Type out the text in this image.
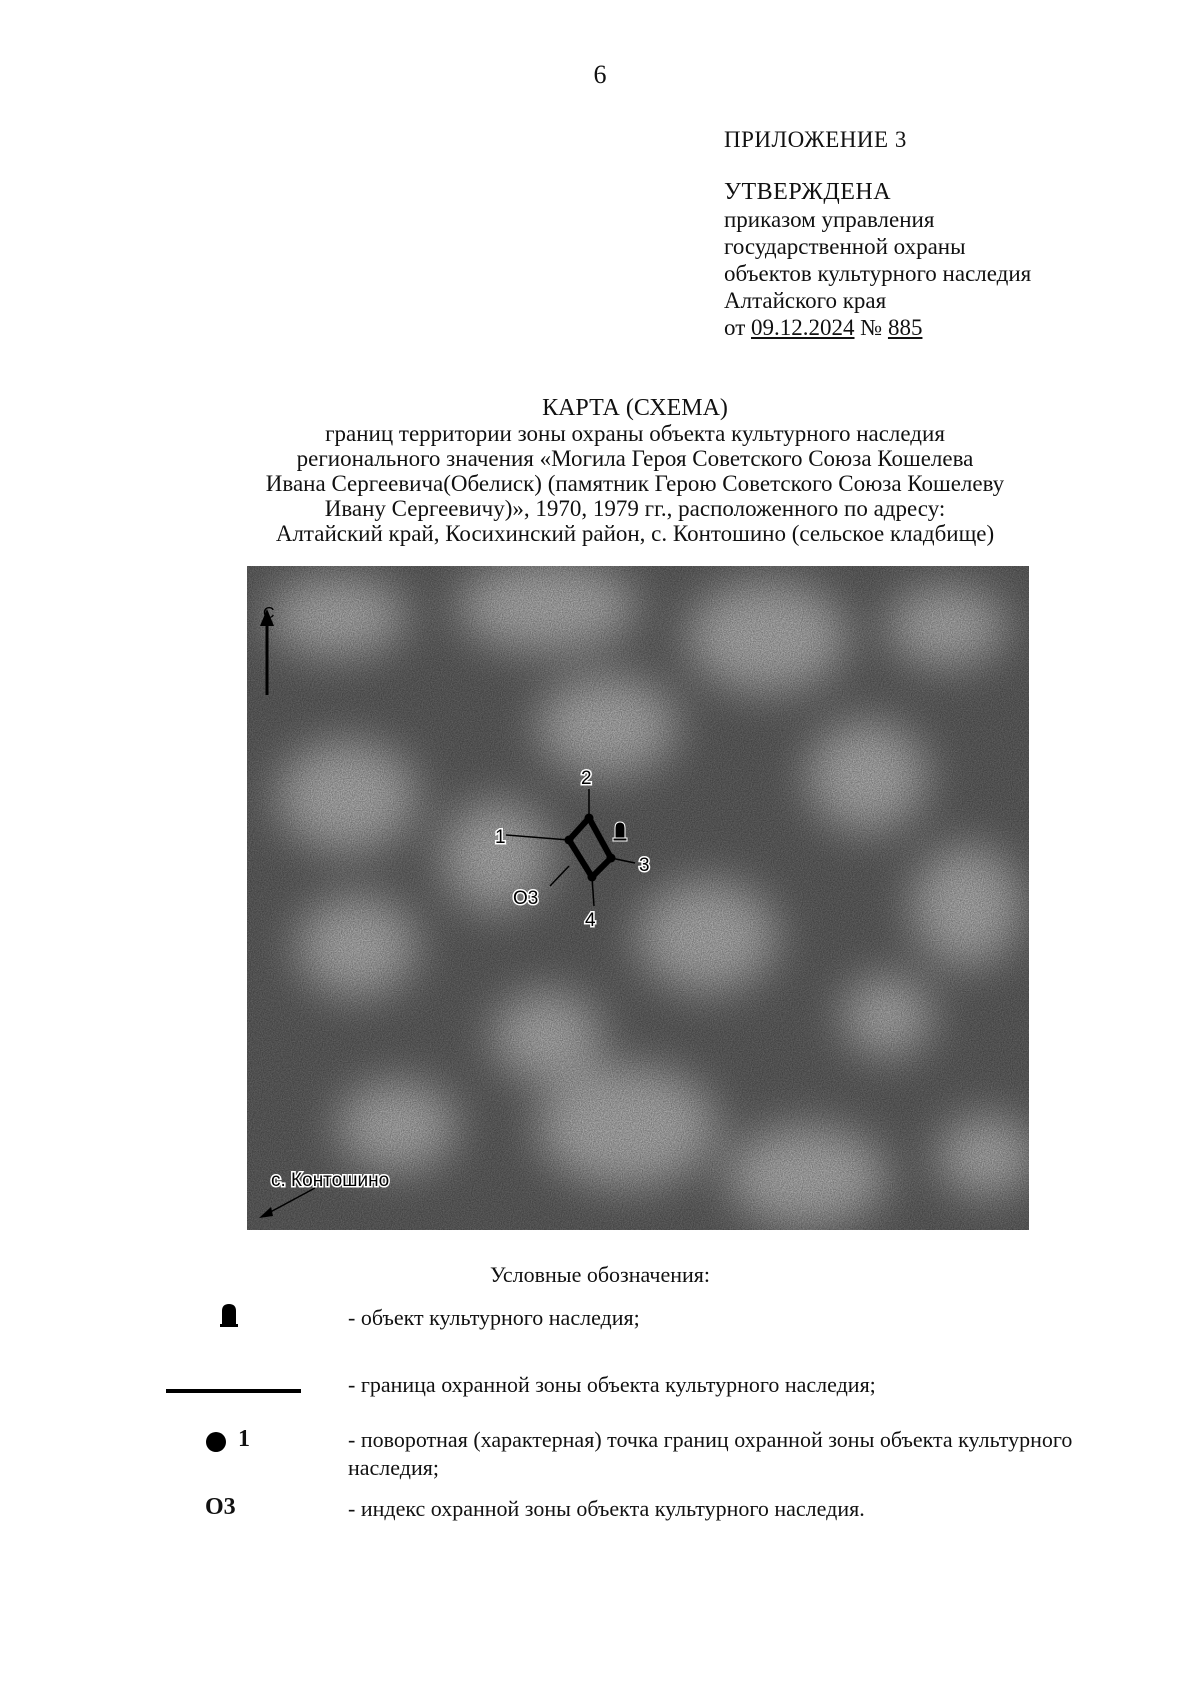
6
ПРИЛОЖЕНИЕ 3
УТВЕРЖДЕНА
приказом управления
государственной охраны
объектов культурного наследия
Алтайского края
от 09.12.2024 № 885
КАРТА (СХЕМА)
границ территории зоны охраны объекта культурного наследия
регионального значения «Могила Героя Советского Союза Кошелева
Ивана Сергеевича(Обелиск) (памятник Герою Советского Союза Кошелеву
Ивану Сергеевичу)», 1970, 1979 гг., расположенного по адресу:
Алтайский край, Косихинский район, с. Контошино (сельское кладбище)
С
1
2
3
4
О3
с. Контошино
Условные обозначения:
- объект культурного наследия;
- граница охранной зоны объекта культурного наследия;
1	- поворотная (характерная) точка границ охранной зоны объекта культурного наследия;
О3	- индекс охранной зоны объекта культурного наследия.
